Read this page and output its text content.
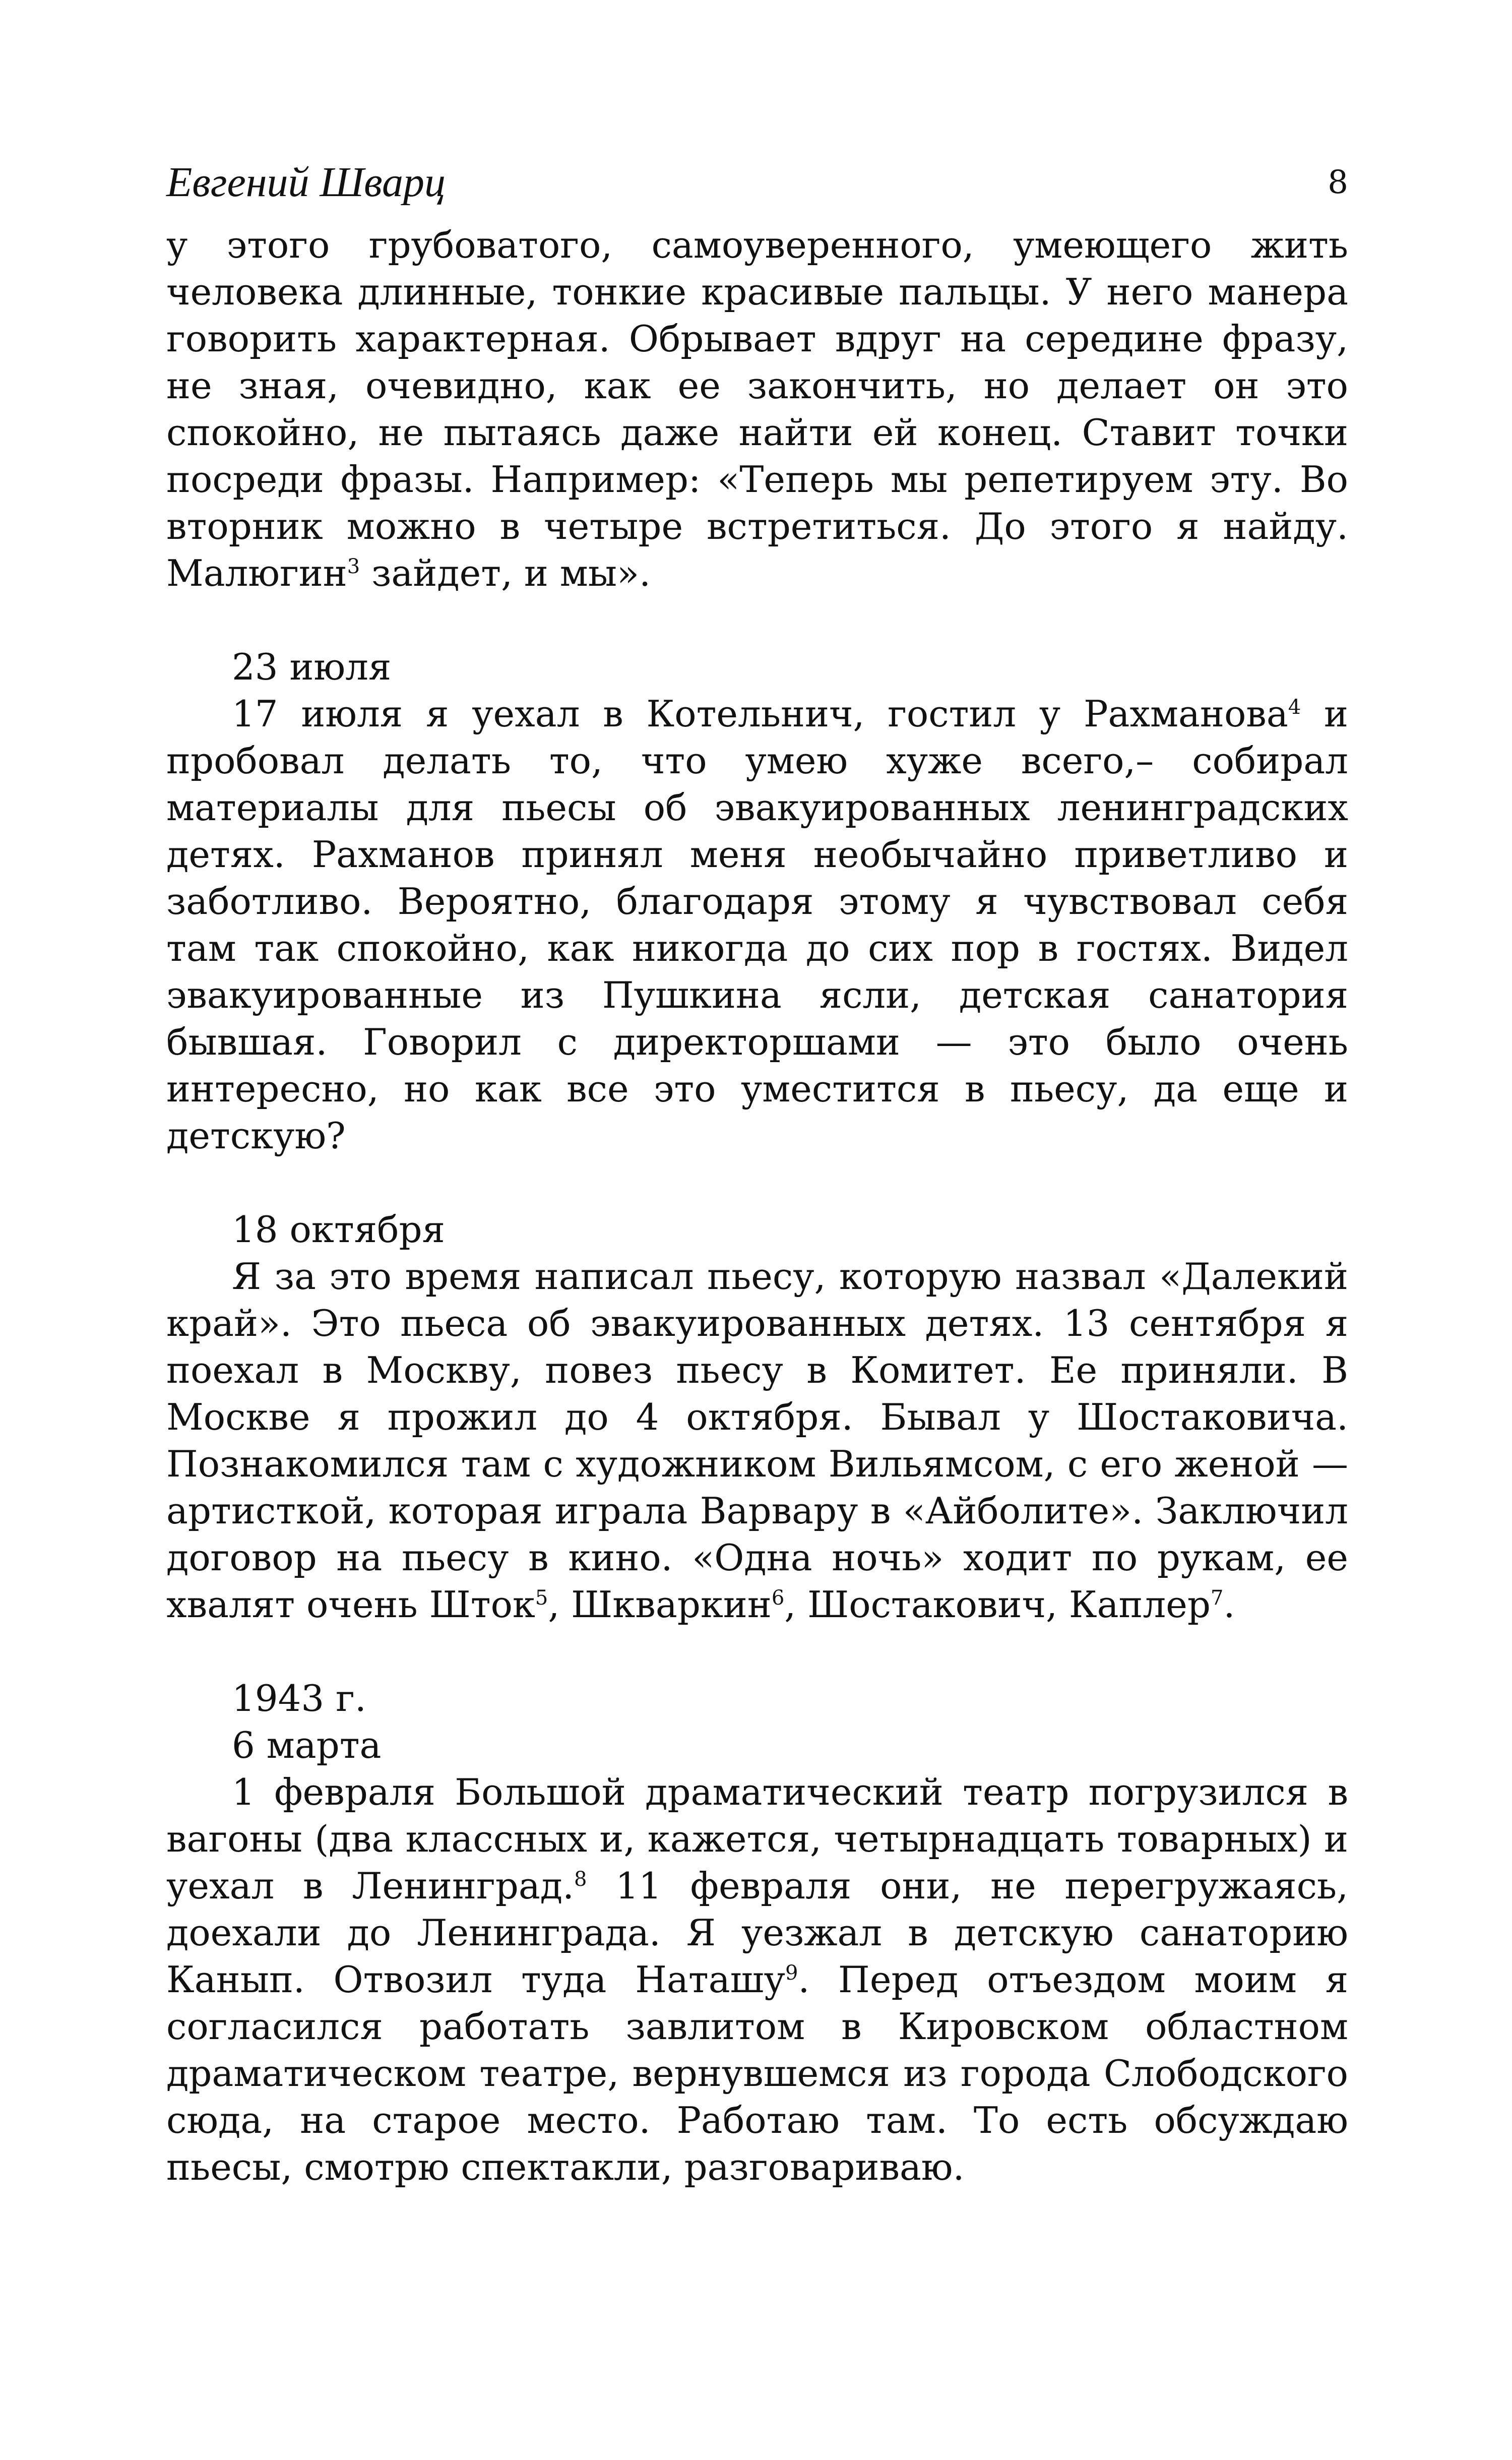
Евгений Шварц	8

у этого грубоватого, самоуверенного, умеющего жить человека длинные, тонкие красивые пальцы. У него манера говорить характерная. Обрывает вдруг на середине фразу, не зная, очевидно, как ее закончить, но делает он это спокойно, не пытаясь даже найти ей конец. Ставит точки посреди фразы. Например: «Теперь мы репетируем эту. Во вторник можно в четыре встретиться. До этого я найду. Малюгин$^3$ зайдет, и мы».

23 июля

17 июля я уехал в Котельнич, гостил у Рахманова$^4$ и пробовал делать то, что умею хуже всего,– собирал материалы для пьесы об эвакуированных ленинградских детях. Рахманов принял меня необычайно приветливо и заботливо. Вероятно, благодаря этому я чувствовал себя там так спокойно, как никогда до сих пор в гостях. Видел эвакуированные из Пушкина ясли, детская санатория бывшая. Говорил с директоршами — это было очень интересно, но как все это уместится в пьесу, да еще и детскую?

18 октября

Я за это время написал пьесу, которую назвал «Далекий край». Это пьеса об эвакуированных детях. 13 сентября я поехал в Москву, повез пьесу в Комитет. Ее приняли. В Москве я прожил до 4 октября. Бывал у Шостаковича. Познакомился там с художником Вильямсом, с его женой — артисткой, которая играла Варвару в «Айболите». Заключил договор на пьесу в кино. «Одна ночь» ходит по рукам, ее хвалят очень Шток$^5$, Шкваркин$^6$, Шостакович, Каплер$^7$.

1943 г.

6 марта

1 февраля Большой драматический театр погрузился в вагоны (два классных и, кажется, четырнадцать товарных) и уехал в Ленинград.$^8$ 11 февраля они, не перегружаясь, доехали до Ленинграда. Я уезжал в детскую санаторию Канып. Отвозил туда Наташу$^9$. Перед отъездом моим я согласился работать завлитом в Кировском областном драматическом театре, вернувшемся из города Слободского сюда, на старое место. Работаю там. То есть обсуждаю пьесы, смотрю спектакли, разговариваю.
